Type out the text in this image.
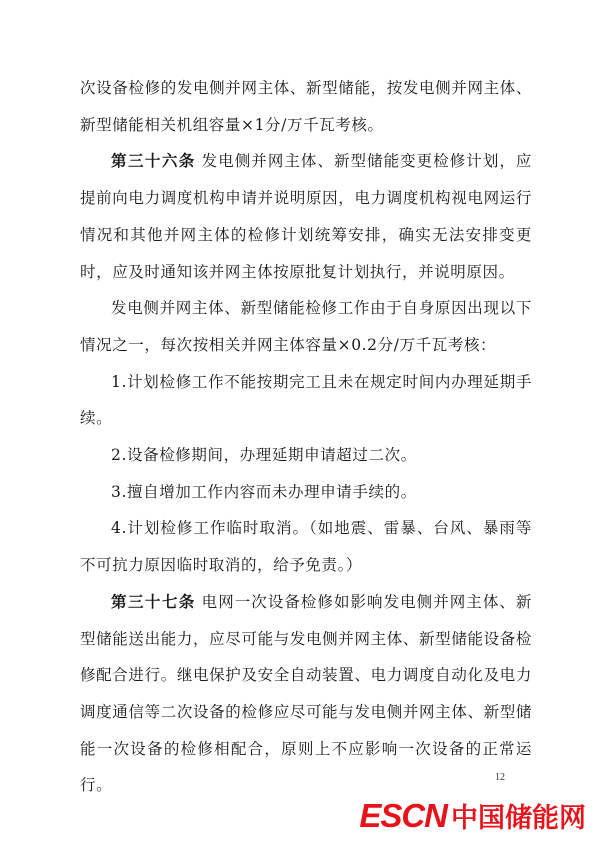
次设备检修的发电侧并网主体、新型储能，按发电侧并网主体、新型储能相关机组容量×1分/万千瓦考核。

第三十六条 发电侧并网主体、新型储能变更检修计划，应提前向电力调度机构申请并说明原因，电力调度机构视电网运行情况和其他并网主体的检修计划统筹安排，确实无法安排变更时，应及时通知该并网主体按原批复计划执行，并说明原因。

发电侧并网主体、新型储能检修工作由于自身原因出现以下情况之一，每次按相关并网主体容量×0.2分/万千瓦考核：

1.计划检修工作不能按期完工且未在规定时间内办理延期手续。

2.设备检修期间，办理延期申请超过二次。

3.擅自增加工作内容而未办理申请手续的。

4.计划检修工作临时取消。（如地震、雷暴、台风、暴雨等不可抗力原因临时取消的，给予免责。）

第三十七条 电网一次设备检修如影响发电侧并网主体、新型储能送出能力，应尽可能与发电侧并网主体、新型储能设备检修配合进行。继电保护及安全自动装置、电力调度自动化及电力调度通信等二次设备的检修应尽可能与发电侧并网主体、新型储能一次设备的检修相配合，原则上不应影响一次设备的正常运行。	12
ESCN 中国储能网
